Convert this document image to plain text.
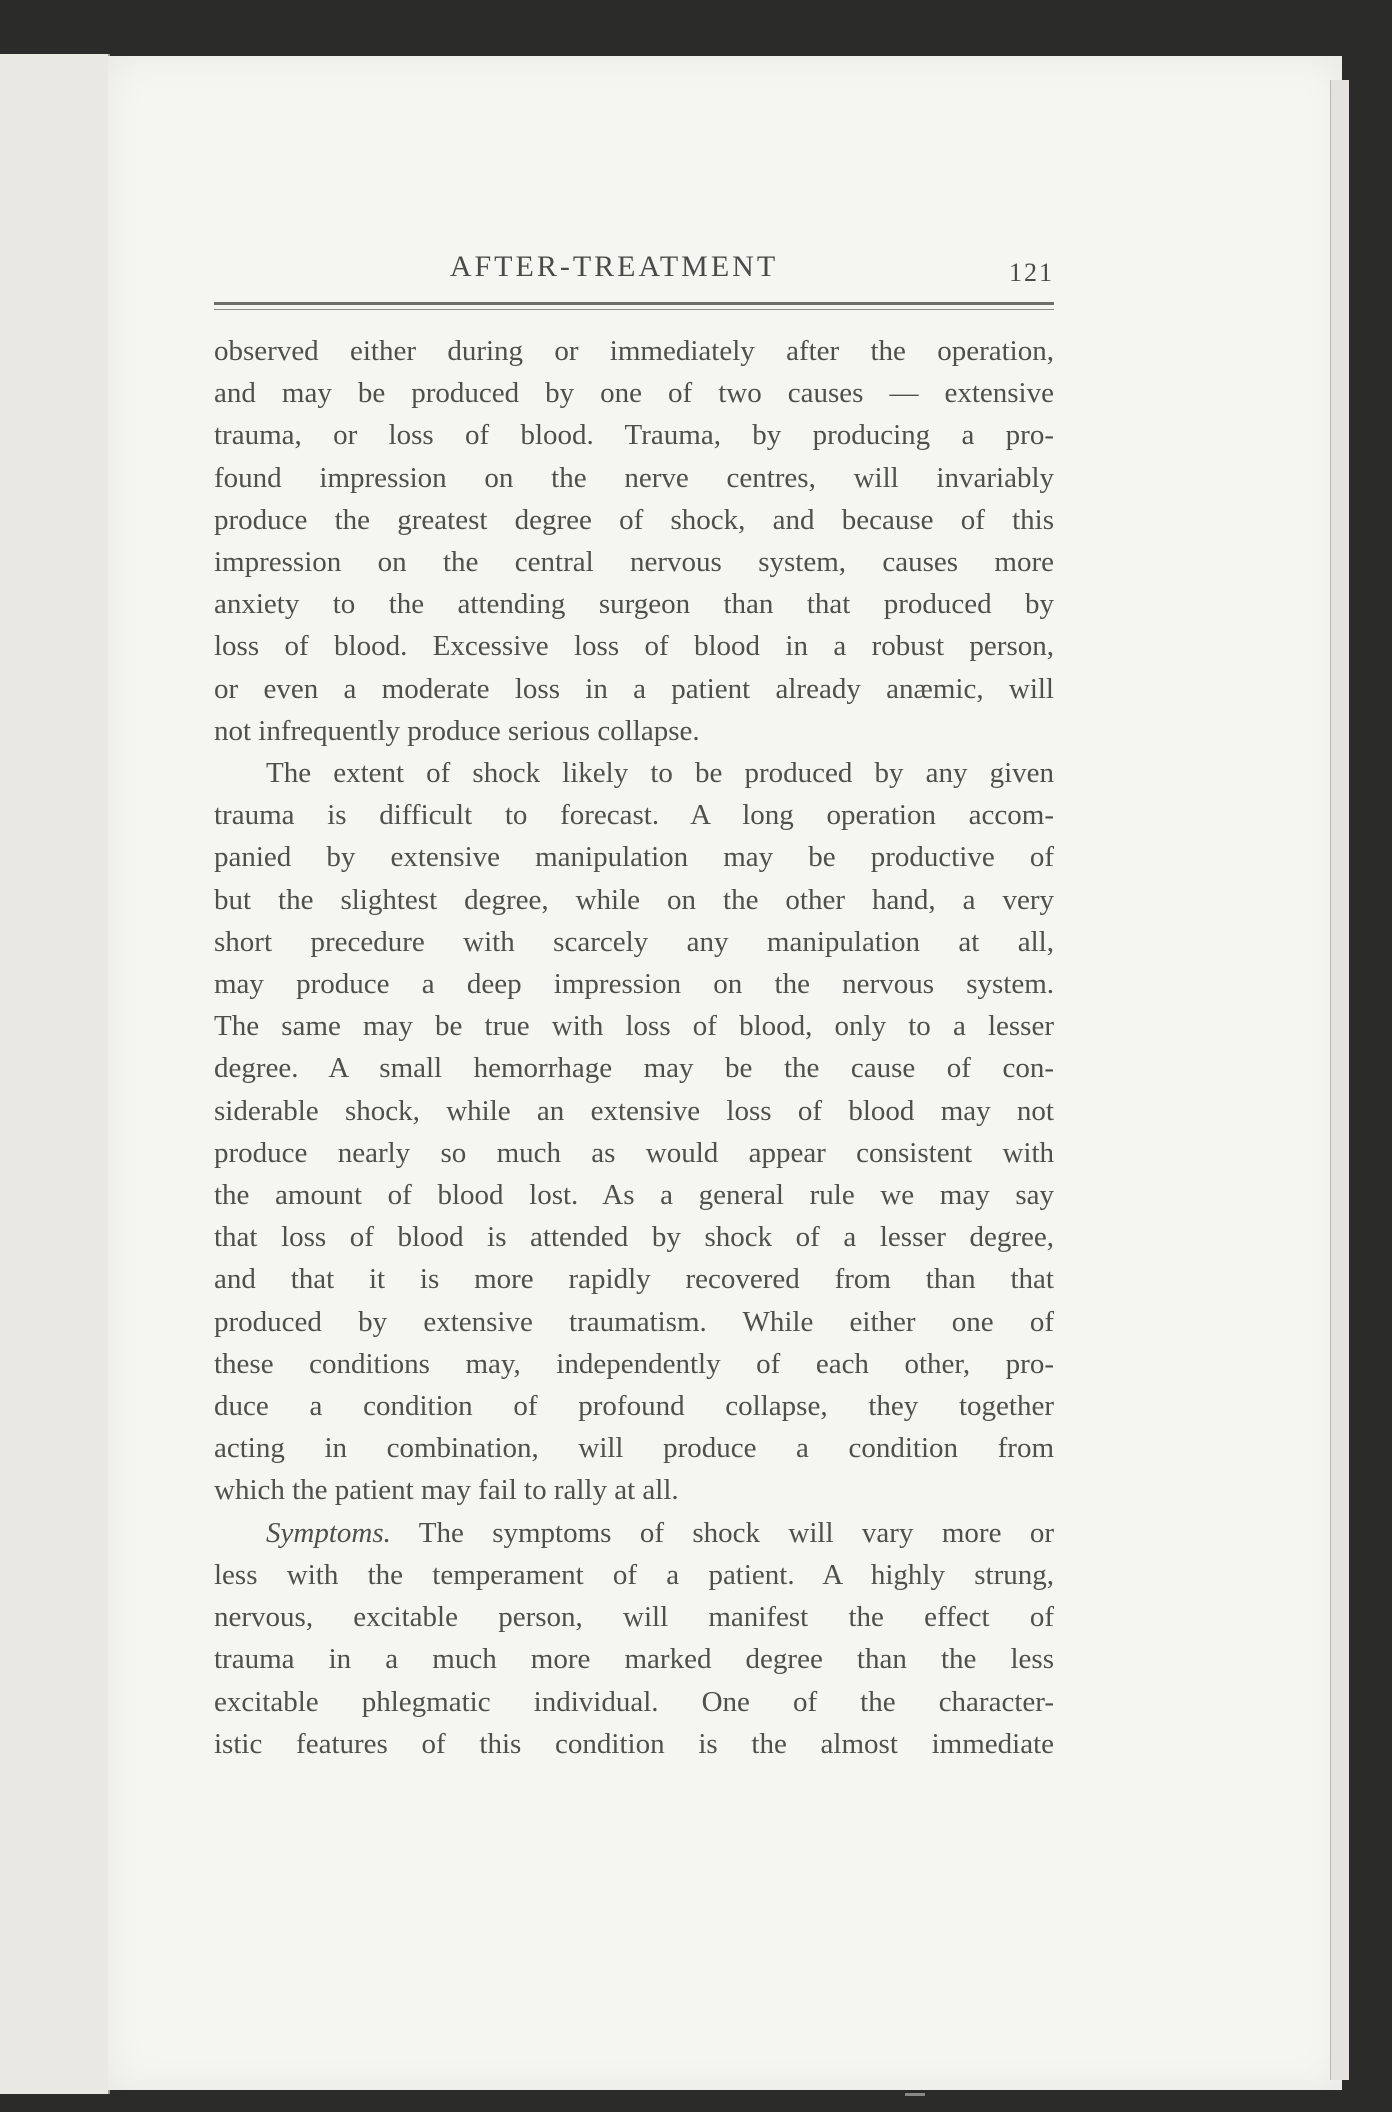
AFTER-TREATMENT	121

observed either during or immediately after the operation,

and may be produced by one of two causes — extensive

trauma, or loss of blood. Trauma, by producing a pro-

found impression on the nerve centres, will invariably

produce the greatest degree of shock, and because of this

impression on the central nervous system, causes more

anxiety to the attending surgeon than that produced by

loss of blood. Excessive loss of blood in a robust person,

or even a moderate loss in a patient already anæmic, will

not infrequently produce serious collapse.

The extent of shock likely to be produced by any given

trauma is difficult to forecast. A long operation accom-

panied by extensive manipulation may be productive of

but the slightest degree, while on the other hand, a very

short precedure with scarcely any manipulation at all,

may produce a deep impression on the nervous system.

The same may be true with loss of blood, only to a lesser

degree. A small hemorrhage may be the cause of con-

siderable shock, while an extensive loss of blood may not

produce nearly so much as would appear consistent with

the amount of blood lost. As a general rule we may say

that loss of blood is attended by shock of a lesser degree,

and that it is more rapidly recovered from than that

produced by extensive traumatism. While either one of

these conditions may, independently of each other, pro-

duce a condition of profound collapse, they together

acting in combination, will produce a condition from

which the patient may fail to rally at all.

Symptoms. The symptoms of shock will vary more or

less with the temperament of a patient. A highly strung,

nervous, excitable person, will manifest the effect of

trauma in a much more marked degree than the less

excitable phlegmatic individual. One of the character-

istic features of this condition is the almost immediate
